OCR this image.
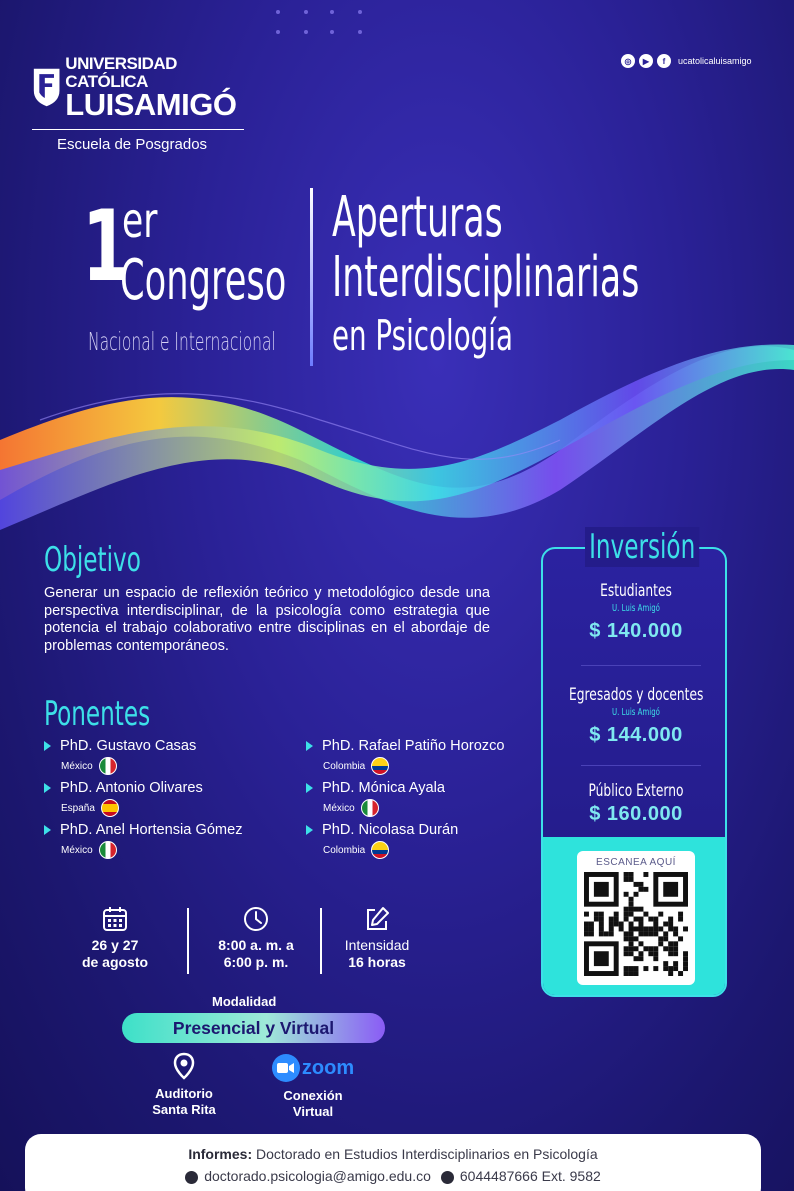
UNIVERSIDAD CATÓLICA
LUISAMIGÓ
Escuela de Posgrados
◎	▶	f	ucatolicaluisamigo
1
er
Congreso
Nacional e Internacional
Aperturas
Interdisciplinarias
en Psicología
Objetivo
Generar un espacio de reflexión teórico y metodológico desde una perspectiva interdisciplinar, de la psicología como estrategia que potencia el trabajo colaborativo entre disciplinas en el abordaje de problemas contemporáneos.
Ponentes
PhD. Gustavo Casas
México
PhD. Antonio Olivares
España
PhD. Anel Hortensia Gómez
México
PhD. Rafael Patiño Horozco
Colombia
PhD. Mónica Ayala
México
PhD. Nicolasa Durán
Colombia
26 y 27
de agosto
8:00 a. m. a
6:00 p. m.
Intensidad
16 horas
Modalidad
Presencial y Virtual
Auditorio
Santa Rita
zoom
Conexión
Virtual
Estudiantes
U. Luis Amigó
$ 140.000
Egresados y docentes
U. Luis Amigó
$ 144.000
Público Externo
$ 160.000
ESCANEA AQUÍ
Inversión
Informes: Doctorado en Estudios Interdisciplinarios en Psicología
doctorado.psicologia@amigo.edu.co	6044487666 Ext. 9582
